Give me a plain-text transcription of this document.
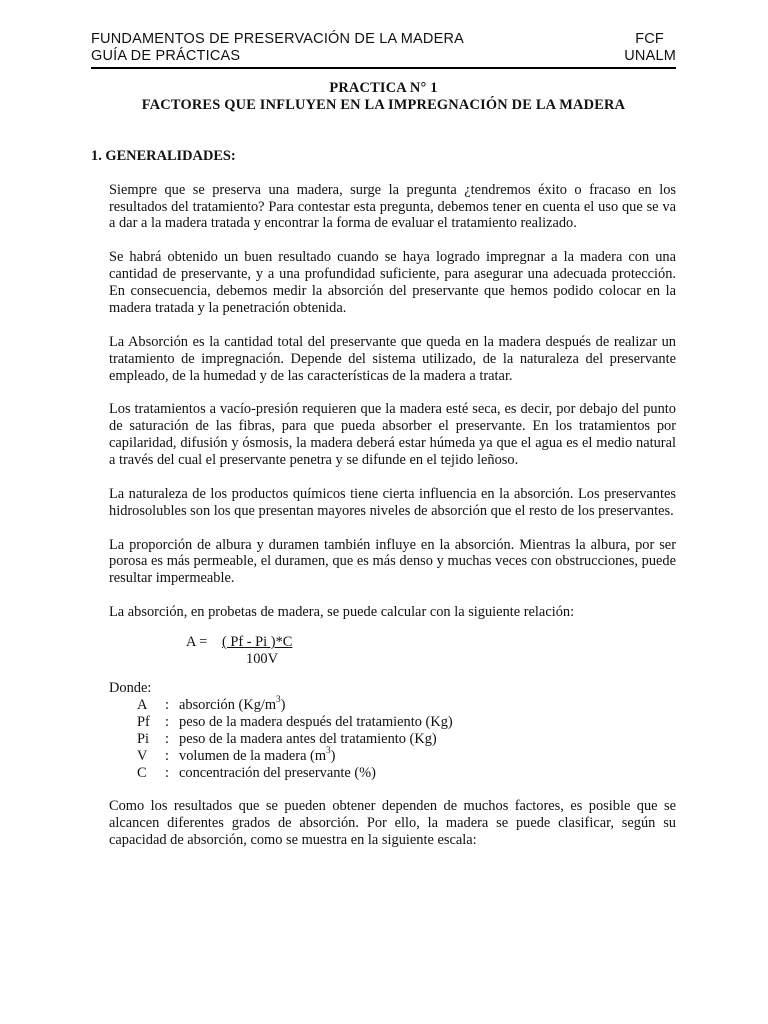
FUNDAMENTOS DE PRESERVACIÓN DE LA MADERA	FCF
GUÍA DE PRÁCTICAS	UNALM
PRACTICA N° 1
FACTORES QUE INFLUYEN EN LA IMPREGNACIÓN DE LA MADERA
1. GENERALIDADES:

Siempre que se preserva una madera, surge la pregunta ¿tendremos éxito o fracaso en los resultados del tratamiento? Para contestar esta pregunta, debemos tener en cuenta el uso que se va a dar a la madera tratada y encontrar la forma de evaluar el tratamiento realizado.

Se habrá obtenido un buen resultado cuando se haya logrado impregnar a la madera con una cantidad de preservante, y a una profundidad suficiente, para asegurar una adecuada protección. En consecuencia, debemos medir la absorción del preservante que hemos podido colocar en la madera tratada y la penetración obtenida.

La Absorción es la cantidad total del preservante que queda en la madera después de realizar un tratamiento de impregnación. Depende del sistema utilizado, de la naturaleza del preservante empleado, de la humedad y de las características de la madera a tratar.

Los tratamientos a vacío-presión requieren que la madera esté seca, es decir, por debajo del punto de saturación de las fibras, para que pueda absorber el preservante. En los tratamientos por capilaridad, difusión y ósmosis, la madera deberá estar húmeda ya que el agua es el medio natural a través del cual el preservante penetra y se difunde en el tejido leñoso.

La naturaleza de los productos químicos tiene cierta influencia en la absorción. Los preservantes hidrosolubles son los que presentan mayores niveles de absorción que el resto de los preservantes.

La proporción de albura y duramen también influye en la absorción. Mientras la albura, por ser porosa es más permeable, el duramen, que es más denso y muchas veces con obstrucciones, puede resultar impermeable.

La absorción, en probetas de madera, se puede calcular con la siguiente relación:

A = ( Pf - Pi )*C
100V
Donde:
A	: absorción $(Kg/m^3)$
Pf	: peso de la madera después del tratamiento (Kg)
Pi	: peso de la madera antes del tratamiento (Kg)
V	: volumen de la madera $(m^3)$
C	: concentración del preservante (%)

Como los resultados que se pueden obtener dependen de muchos factores, es posible que se alcancen diferentes grados de absorción. Por ello, la madera se puede clasificar, según su capacidad de absorción, como se muestra en la siguiente escala:
